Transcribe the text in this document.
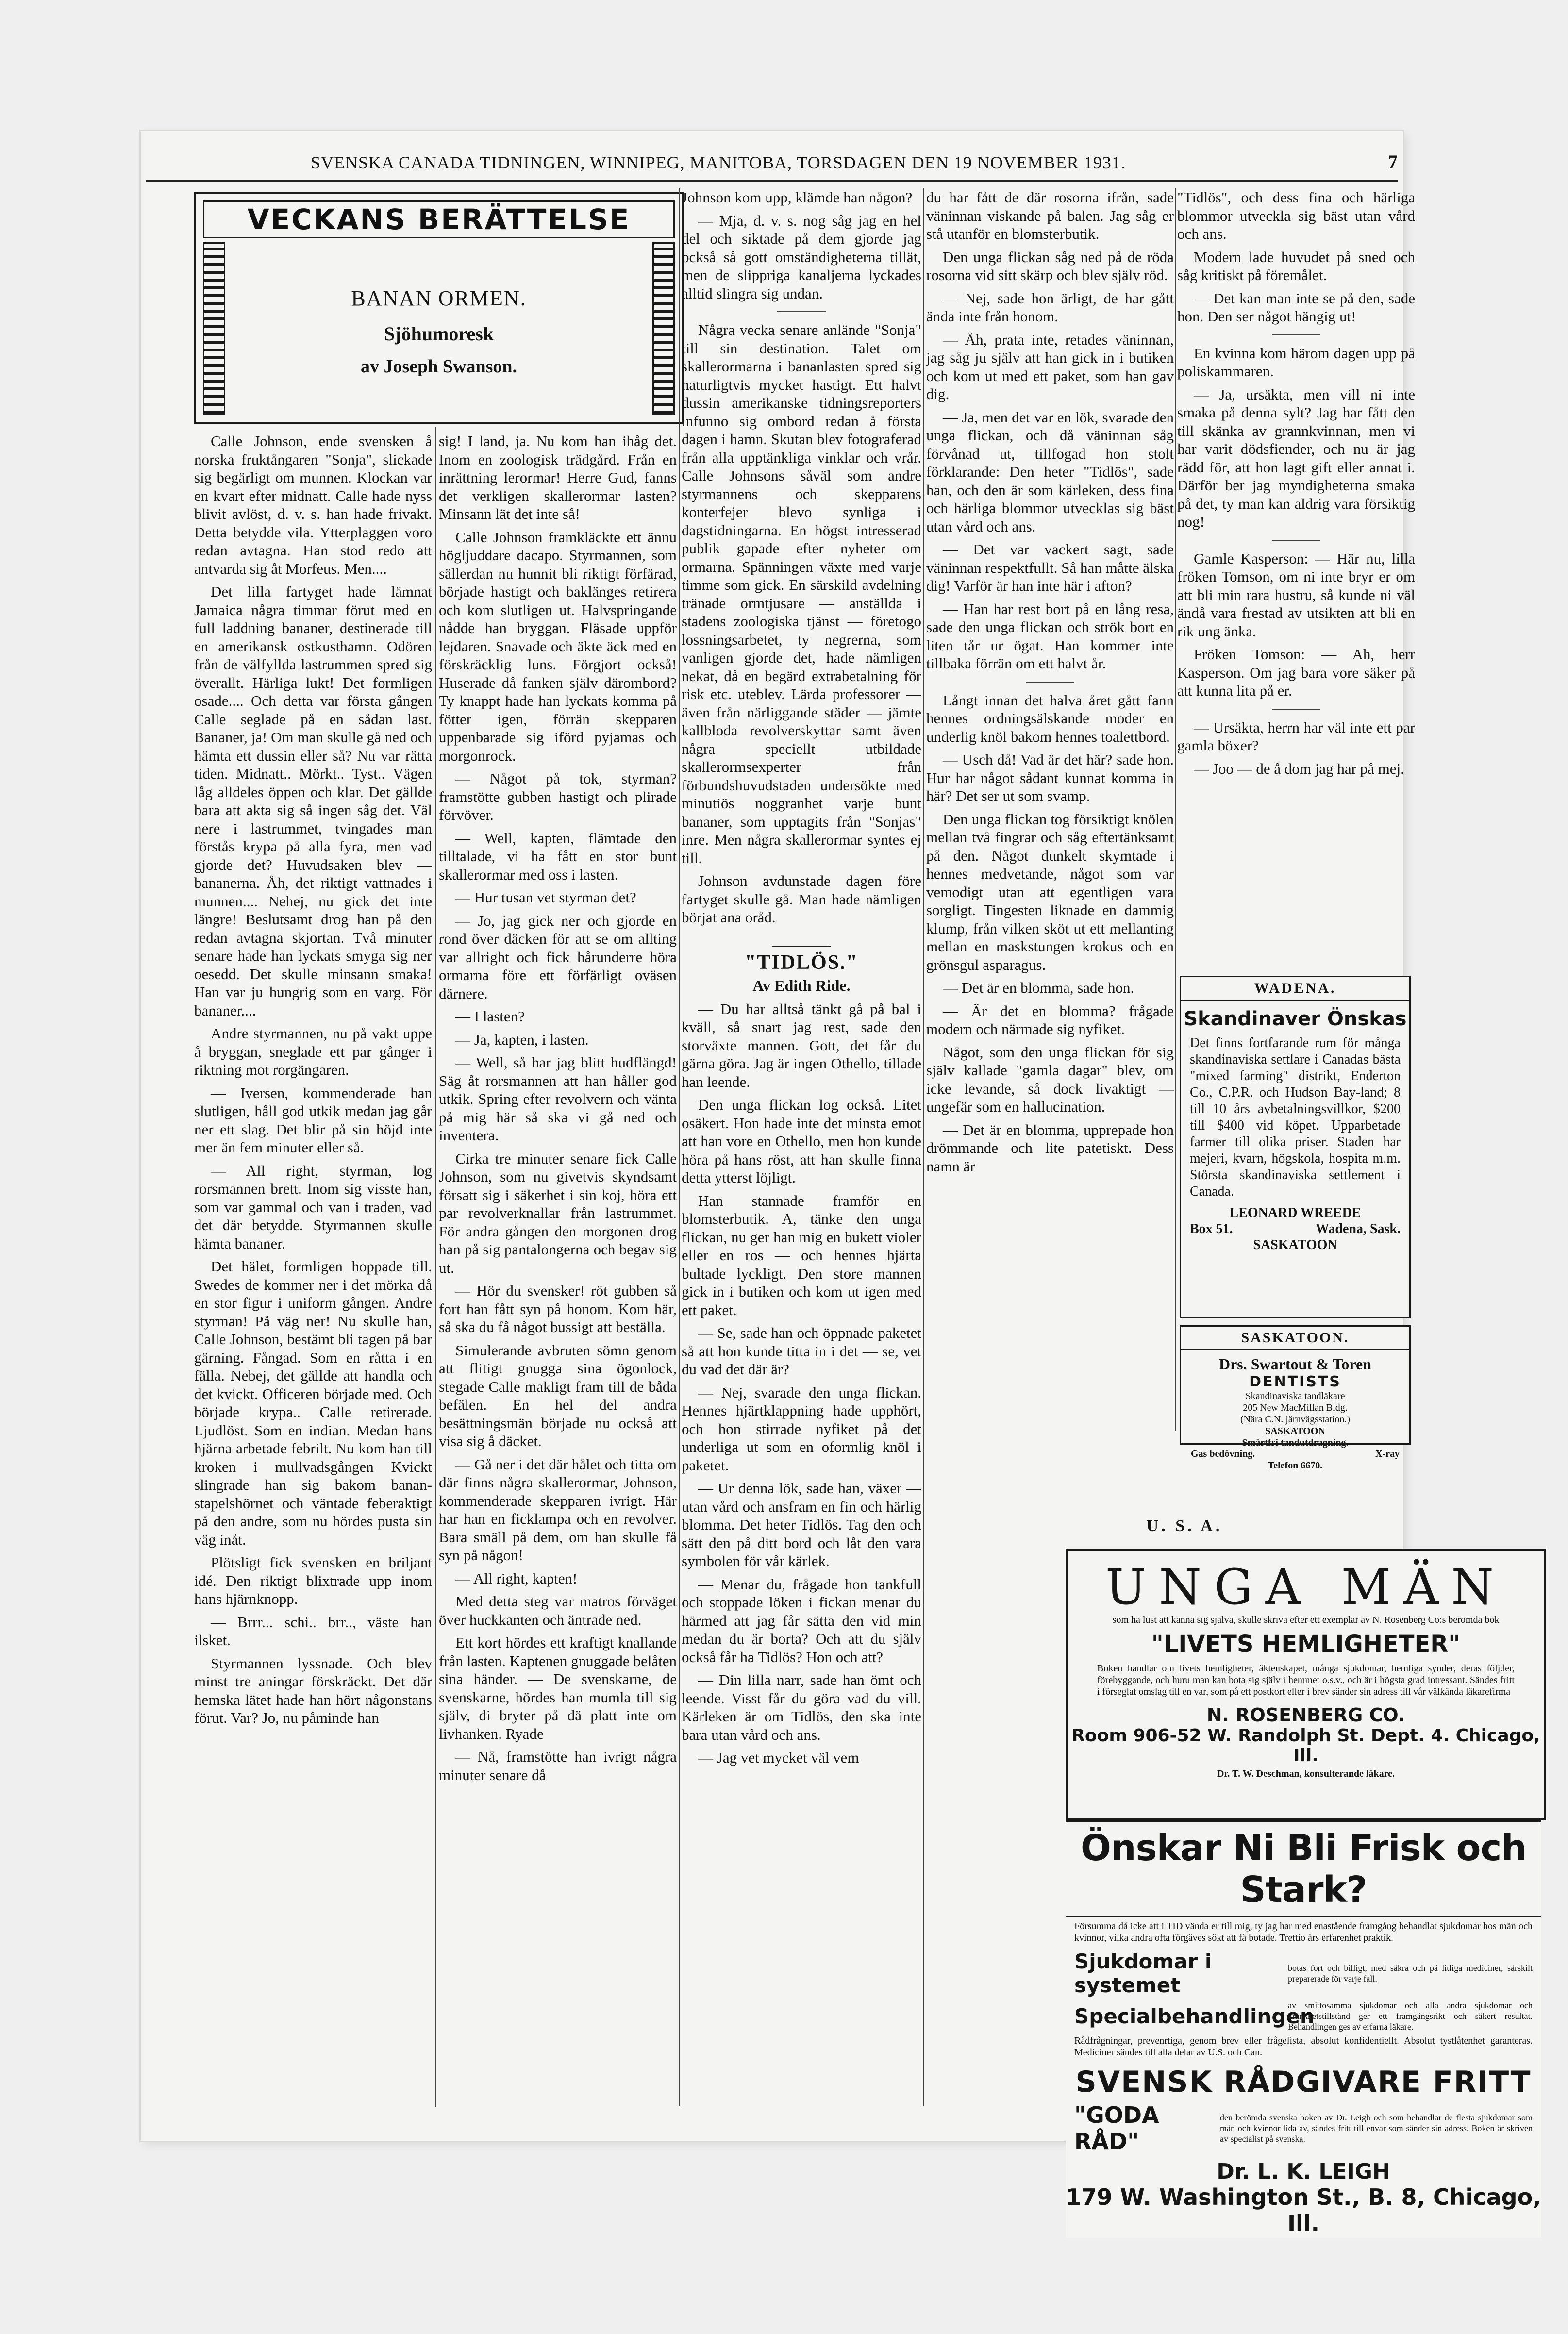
SVENSKA CANADA TIDNINGEN, WINNIPEG, MANITOBA, TORSDAGEN DEN 19 NOVEMBER 1931.	7
VECKANS BERÄTTELSE
BANAN ORMEN.
Sjöhumoresk
av Joseph Swanson.

Calle Johnson, ende svensken å norska fruktångaren "Sonja", slickade sig begärligt om munnen. Klockan var en kvart efter midnatt. Calle hade nyss blivit avlöst, d. v. s. han hade frivakt. Detta betydde vila. Ytterplaggen voro redan avtagna. Han stod redo att antvarda sig åt Morfeus. Men....

Det lilla fartyget hade lämnat Jamaica några timmar förut med en full laddning bananer, destinerade till en amerikansk ostkusthamn. Odören från de välfyllda lastrummen spred sig överallt. Härliga lukt! Det formligen osade.... Och detta var första gången Calle seglade på en sådan last. Bananer, ja! Om man skulle gå ned och hämta ett dussin eller så? Nu var rätta tiden. Midnatt.. Mörkt.. Tyst.. Vägen låg alldeles öppen och klar. Det gällde bara att akta sig så ingen såg det. Väl nere i lastrummet, tvingades man förstås krypa på alla fyra, men vad gjorde det? Huvudsaken blev — bananerna. Åh, det riktigt vattnades i munnen.... Nehej, nu gick det inte längre! Beslutsamt drog han på den redan avtagna skjortan. Två minuter senare hade han lyckats smyga sig ner oesedd. Det skulle minsann smaka! Han var ju hungrig som en varg. För bananer....

Andre styrmannen, nu på vakt uppe å bryggan, sneglade ett par gånger i riktning mot rorgängaren.

— Iversen, kommenderade han slutligen, håll god utkik medan jag går ner ett slag. Det blir på sin höjd inte mer än fem minuter eller så.

— All right, styrman, log rorsmannen brett. Inom sig visste han, som var gammal och van i traden, vad det där betydde. Styrmannen skulle hämta bananer.

Det hälet, formligen hoppade till. Swedes de kommer ner i det mörka då en stor figur i uniform gången. Andre styrman! På väg ner! Nu skulle han, Calle Johnson, bestämt bli tagen på bar gärning. Fångad. Som en råtta i en fälla. Nebej, det gällde att handla och det kvickt. Officeren började med. Och började krypa.. Calle retirerade. Ljudlöst. Som en indian. Medan hans hjärna arbetade febrilt. Nu kom han till kroken i mullvadsgången Kvickt slingrade han sig bakom bananstapelshörnet och väntade feberaktigt på den andre, som nu hördes pusta sin väg inåt.

Plötsligt fick svensken en briljant idé. Den riktigt blixtrade upp inom hans hjärnknopp.

— Brrr... schi.. brr.., väste han ilsket.

Styrmannen lyssnade. Och blev minst tre aningar förskräckt. Det där hemska lätet hade han hört någonstans förut. Var? Jo, nu påminde han

sig! I land, ja. Nu kom han ihåg det. Inom en zoologisk trädgård. Från en inrättning lerormar! Herre Gud, fanns det verkligen skallerormar lasten? Minsann lät det inte så!

Calle Johnson framkläckte ett ännu högljuddare dacapo. Styrmannen, som sällerdan nu hunnit bli riktigt förfärad, började hastigt och baklänges retirera och kom slutligen ut. Halvspringande nådde han bryggan. Fläsade uppför lejdaren. Snavade och äkte äck med en förskräcklig luns. Förgjort också! Huserade då fanken själv därombord? Ty knappt hade han lyckats komma på fötter igen, förrän skepparen uppenbarade sig iförd pyjamas och morgonrock.

— Något på tok, styrman? framstötte gubben hastigt och plirade förvöver.

— Well, kapten, flämtade den tilltalade, vi ha fått en stor bunt skallerormar med oss i lasten.

— Hur tusan vet styrman det?

— Jo, jag gick ner och gjorde en rond över däcken för att se om allting var allright och fick hårunderre höra ormarna före ett förfärligt oväsen därnere.

— I lasten?

— Ja, kapten, i lasten.

— Well, så har jag blitt hudflängd! Säg åt rorsmannen att han håller god utkik. Spring efter revolvern och vänta på mig här så ska vi gå ned och inventera.

Cirka tre minuter senare fick Calle Johnson, som nu givetvis skyndsamt försatt sig i säkerhet i sin koj, höra ett par revolverknallar från lastrummet. För andra gången den morgonen drog han på sig pantalongerna och begav sig ut.

— Hör du svensker! röt gubben så fort han fått syn på honom. Kom här, så ska du få något bussigt att beställa.

Simulerande avbruten sömn genom att flitigt gnugga sina ögonlock, stegade Calle makligt fram till de båda befälen. En hel del andra besättningsmän började nu också att visa sig å däcket.

— Gå ner i det där hålet och titta om där finns några skallerormar, Johnson, kommenderade skepparen ivrigt. Här har han en ficklampa och en revolver. Bara smäll på dem, om han skulle få syn på någon!

— All right, kapten!

Med detta steg var matros förväget över huckkanten och äntrade ned.

Ett kort hördes ett kraftigt knallande från lasten. Kaptenen gnuggade belåten sina händer. — De svenskarne, de svenskarne, hördes han mumla till sig själv, di bryter på dä platt inte om livhanken. Ryade

— Nå, framstötte han ivrigt några minuter senare då

Johnson kom upp, klämde han någon?

— Mja, d. v. s. nog såg jag en hel del och siktade på dem gjorde jag också så gott omständigheterna tillät, men de slippriga kanaljerna lyckades alltid slingra sig undan.

Några vecka senare anlände "Sonja" till sin destination. Talet om skallerormarna i bananlasten spred sig naturligtvis mycket hastigt. Ett halvt dussin amerikanske tidningsreporters infunno sig ombord redan å första dagen i hamn. Skutan blev fotograferad från alla upptänkliga vinklar och vrår. Calle Johnsons såväl som andre styrmannens och skepparens konterfejer blevo synliga i dagstidningarna. En högst intresserad publik gapade efter nyheter om ormarna. Spänningen växte med varje timme som gick. En särskild avdelning tränade ormtjusare — anställda i stadens zoologiska tjänst — företogo lossningsarbetet, ty negrerna, som vanligen gjorde det, hade nämligen nekat, då en begärd extrabetalning för risk etc. uteblev. Lärda professorer — även från närliggande städer — jämte kallbloda revolverskyttar samt även några speciellt utbildade skallerormsexperter från förbundshuvudstaden undersökte med minutiös noggranhet varje bunt bananer, som upptagits från "Sonjas" inre. Men några skallerormar syntes ej till.

Johnson avdunstade dagen före fartyget skulle gå. Man hade nämligen börjat ana oråd.

"TIDLÖS."
Av Edith Ride.

— Du har alltså tänkt gå på bal i kväll, så snart jag rest, sade den storväxte mannen. Gott, det får du gärna göra. Jag är ingen Othello, tillade han leende.

Den unga flickan log också. Litet osäkert. Hon hade inte det minsta emot att han vore en Othello, men hon kunde höra på hans röst, att han skulle finna detta ytterst löjligt.

Han stannade framför en blomsterbutik. A, tänke den unga flickan, nu ger han mig en bukett violer eller en ros — och hennes hjärta bultade lyckligt. Den store mannen gick in i butiken och kom ut igen med ett paket.

— Se, sade han och öppnade paketet så att hon kunde titta in i det — se, vet du vad det där är?

— Nej, svarade den unga flickan. Hennes hjärtklappning hade upphört, och hon stirrade nyfiket på det underliga ut som en oformlig knöl i paketet.

— Ur denna lök, sade han, växer — utan vård och ansfram en fin och härlig blomma. Det heter Tidlös. Tag den och sätt den på ditt bord och låt den vara symbolen för vår kärlek.

— Menar du, frågade hon tankfull och stoppade löken i fickan menar du härmed att jag får sätta den vid min medan du är borta? Och att du själv också får ha Tidlös? Hon och att?

— Din lilla narr, sade han ömt och leende. Visst får du göra vad du vill. Kärleken är om Tidlös, den ska inte bara utan vård och ans.

— Jag vet mycket väl vem

du har fått de där rosorna ifrån, sade väninnan viskande på balen. Jag såg er stå utanför en blomsterbutik.

Den unga flickan såg ned på de röda rosorna vid sitt skärp och blev själv röd.

— Nej, sade hon ärligt, de har gått ända inte från honom.

— Åh, prata inte, retades väninnan, jag såg ju själv att han gick in i butiken och kom ut med ett paket, som han gav dig.

— Ja, men det var en lök, svarade den unga flickan, och då väninnan såg förvånad ut, tillfogad hon stolt förklarande: Den heter "Tidlös", sade han, och den är som kärleken, dess fina och härliga blommor utvecklas sig bäst utan vård och ans.

— Det var vackert sagt, sade väninnan respektfullt. Så han måtte älska dig! Varför är han inte här i afton?

— Han har rest bort på en lång resa, sade den unga flickan och strök bort en liten tår ur ögat. Han kommer inte tillbaka förrän om ett halvt år.

Långt innan det halva året gått fann hennes ordningsälskande moder en underlig knöl bakom hennes toalettbord.

— Usch då! Vad är det här? sade hon. Hur har något sådant kunnat komma in här? Det ser ut som svamp.

Den unga flickan tog försiktigt knölen mellan två fingrar och såg eftertänksamt på den. Något dunkelt skymtade i hennes medvetande, något som var vemodigt utan att egentligen vara sorgligt. Tingesten liknade en dammig klump, från vilken sköt ut ett mellanting mellan en maskstungen krokus och en grönsgul asparagus.

— Det är en blomma, sade hon.

— Är det en blomma? frågade modern och närmade sig nyfiket.

Något, som den unga flickan för sig själv kallade "gamla dagar" blev, om icke levande, så dock livaktigt — ungefär som en hallucination.

— Det är en blomma, upprepade hon drömmande och lite patetiskt. Dess namn är

"Tidlös", och dess fina och härliga blommor utveckla sig bäst utan vård och ans.

Modern lade huvudet på sned och såg kritiskt på föremålet.

— Det kan man inte se på den, sade hon. Den ser något hängig ut!

En kvinna kom härom dagen upp på poliskammaren.

— Ja, ursäkta, men vill ni inte smaka på denna sylt? Jag har fått den till skänka av grannkvinnan, men vi har varit dödsfiender, och nu är jag rädd för, att hon lagt gift eller annat i. Därför ber jag myndigheterna smaka på det, ty man kan aldrig vara försiktig nog!

Gamle Kasperson: — Här nu, lilla fröken Tomson, om ni inte bryr er om att bli min rara hustru, så kunde ni väl ändå vara frestad av utsikten att bli en rik ung änka.

Fröken Tomson: — Ah, herr Kasperson. Om jag bara vore säker på att kunna lita på er.

— Ursäkta, herrn har väl inte ett par gamla böxer?

— Joo — de å dom jag har på mej.

WADENA.
Skandinaver Önskas
Det finns fortfarande rum för många skandinaviska settlare i Canadas bästa "mixed farming" distrikt, Enderton Co., C.P.R. och Hudson Bay-land; 8 till 10 års avbetalningsvillkor, $200 till $400 vid köpet. Upparbetade farmer till olika priser. Staden har mejeri, kvarn, högskola, hospita m.m. Största skandinaviska settlement i Canada.
LEONARD WREEDE
Box 51.	Wadena, Sask.
SASKATOON
SASKATOON.
Drs. Swartout & Toren
DENTISTS
Skandinaviska tandläkare
205 New MacMillan Bldg.
(Nära C.N. järnvägsstation.)
SASKATOON
Smärtfri tandutdragning.
Gas bedövning.	X-ray
Telefon 6670.
U. S. A.
UNGA MÄN
som ha lust att känna sig själva, skulle skriva efter ett exemplar av N. Rosenberg Co:s berömda bok
"LIVETS HEMLIGHETER"
Boken handlar om livets hemligheter, äktenskapet, många sjukdomar, hemliga synder, deras följder, förebyggande, och huru man kan bota sig själv i hemmet o.s.v., och är i högsta grad intressant. Sändes fritt i förseglat omslag till en var, som på ett postkort eller i brev sänder sin adress till vår välkända läkarefirma
N. ROSENBERG CO.
Room 906-52 W. Randolph St. Dept. 4. Chicago, Ill.
Dr. T. W. Deschman, konsulterande läkare.
Önskar Ni Bli Frisk och Stark?
Försummа då icke att i TID vända er till mig, ty jag har med enastående framgång behandlat sjukdomar hos män och kvinnor, vilka andra ofta förgäves sökt att få botade. Trettio års erfarenhet praktik.
Sjukdomar i systemet
botas fort och billigt, med säkra och på litliga mediciner, särskilt preparerade för varje fall.
Specialbehandlingen
av smittosamma sjukdomar och alla andra sjukdomar och krankhetstillstånd ger ett framgångsrikt och säkert resultat. Behandlingen ges av erfarna läkare.
Rådfrågningar, prevenrtiga, genom brev eller frågelista, absolut konfidentiellt. Absolut tystlåtenhet garanteras. Mediciner sändes till alla delar av U.S. och Can.
SVENSK RÅDGIVARE FRITT
"GODA RÅD"
den berömda svenska boken av Dr. Leigh och som behandlar de flesta sjukdomar som män och kvinnor lida av, sändes fritt till envar som sänder sin adress. Boken är skriven av specialist på svenska.
Dr. L. K. LEIGH
179 W. Washington St., B. 8, Chicago, Ill.
